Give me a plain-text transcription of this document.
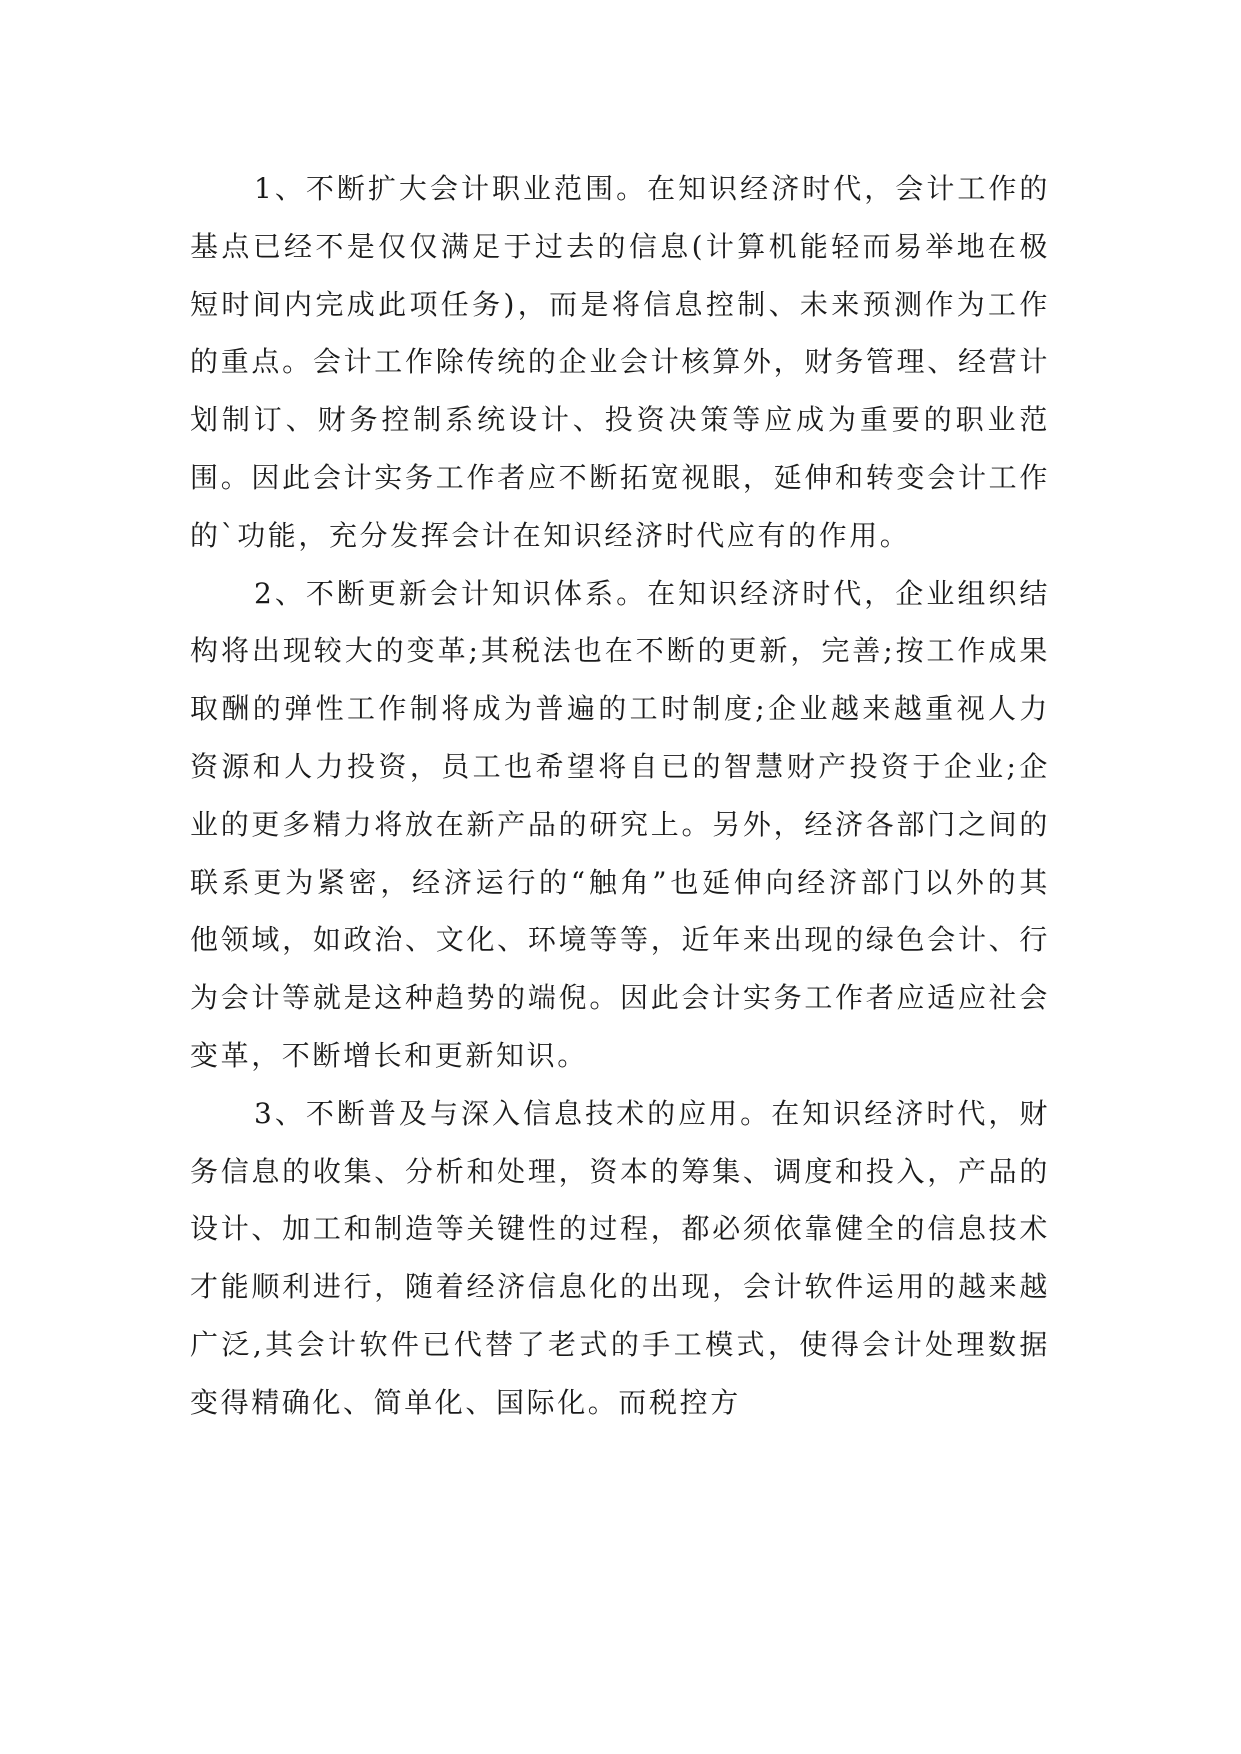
1、不断扩大会计职业范围。在知识经济时代，会计工作的基点已经不是仅仅满足于过去的信息(计算机能轻而易举地在极短时间内完成此项任务)，而是将信息控制、未来预测作为工作的重点。会计工作除传统的企业会计核算外，财务管理、经营计划制订、财务控制系统设计、投资决策等应成为重要的职业范围。因此会计实务工作者应不断拓宽视眼，延伸和转变会计工作的`功能，充分发挥会计在知识经济时代应有的作用。

2、不断更新会计知识体系。在知识经济时代，企业组织结构将出现较大的变革;其税法也在不断的更新，完善;按工作成果取酬的弹性工作制将成为普遍的工时制度;企业越来越重视人力资源和人力投资，员工也希望将自已的智慧财产投资于企业;企业的更多精力将放在新产品的研究上。另外，经济各部门之间的联系更为紧密，经济运行的“触角”也延伸向经济部门以外的其他领域，如政治、文化、环境等等，近年来出现的绿色会计、行为会计等就是这种趋势的端倪。因此会计实务工作者应适应社会变革，不断增长和更新知识。

3、不断普及与深入信息技术的应用。在知识经济时代，财务信息的收集、分析和处理，资本的筹集、调度和投入，产品的设计、加工和制造等关键性的过程，都必须依靠健全的信息技术才能顺利进行，随着经济信息化的出现，会计软件运用的越来越广泛,其会计软件已代替了老式的手工模式，使得会计处理数据变得精确化、简单化、国际化。而税控方
